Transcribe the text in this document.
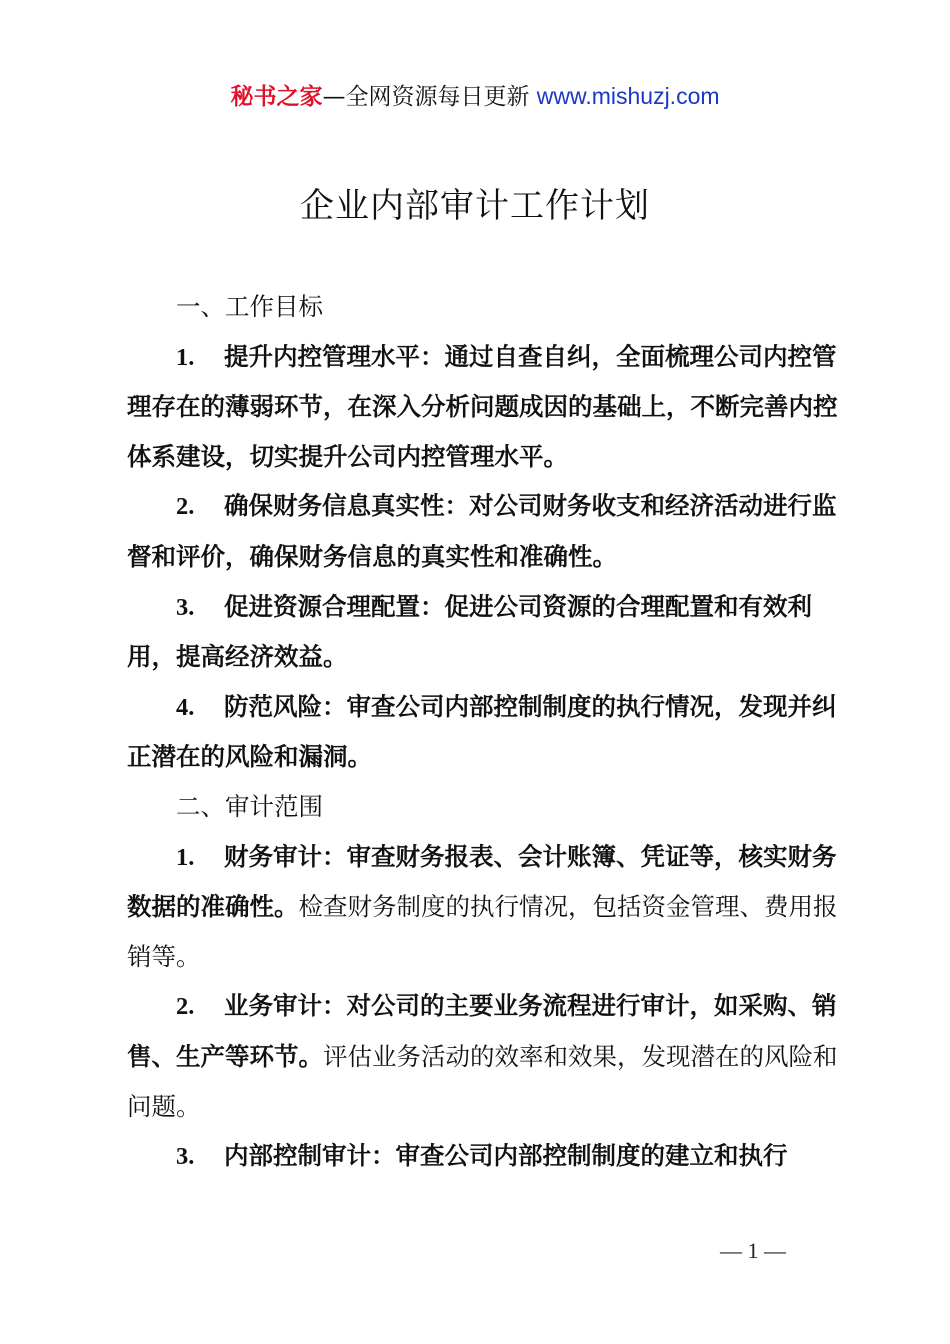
秘书之家—全网资源每日更新 www.mishuzj.com
企业内部审计工作计划

一、工作目标

1. 提升内控管理水平：通过自查自纠，全面梳理公司内控管理存在的薄弱环节，在深入分析问题成因的基础上，不断完善内控体系建设，切实提升公司内控管理水平。

2. 确保财务信息真实性：对公司财务收支和经济活动进行监督和评价，确保财务信息的真实性和准确性。

3. 促进资源合理配置：促进公司资源的合理配置和有效利用，提高经济效益。

4. 防范风险：审查公司内部控制制度的执行情况，发现并纠正潜在的风险和漏洞。

二、审计范围

1. 财务审计：审查财务报表、会计账簿、凭证等，核实财务数据的准确性。检查财务制度的执行情况，包括资金管理、费用报销等。

2. 业务审计：对公司的主要业务流程进行审计，如采购、销售、生产等环节。评估业务活动的效率和效果，发现潜在的风险和问题。

3. 内部控制审计：审查公司内部控制制度的建立和执行

— 1 —
